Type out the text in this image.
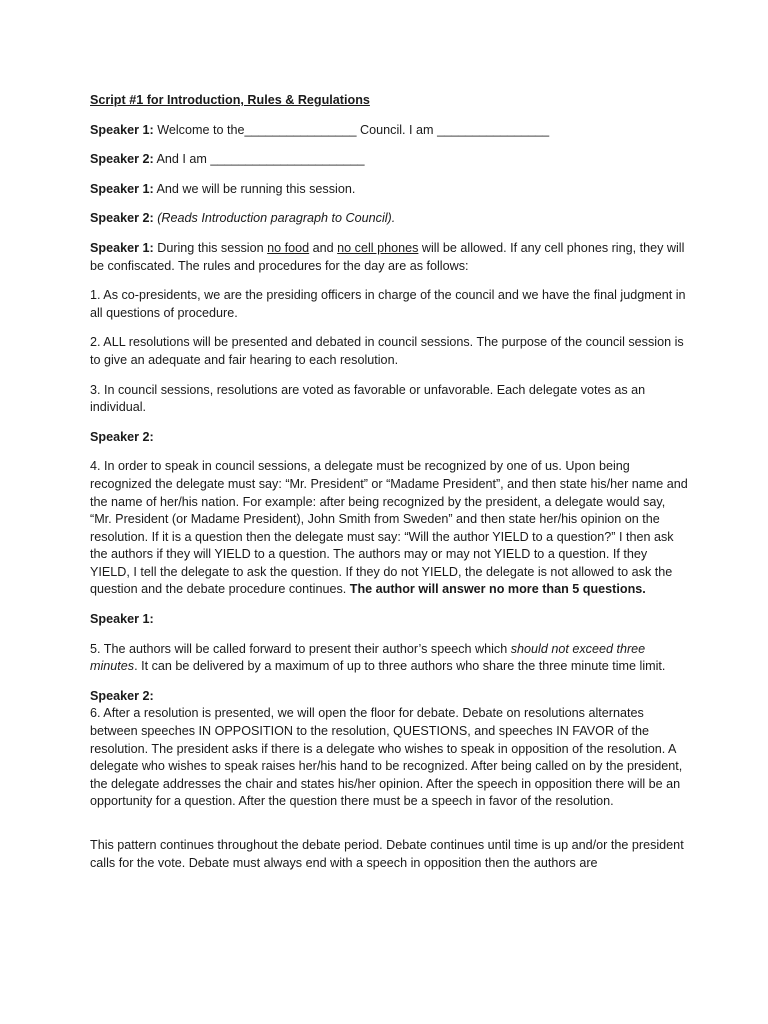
Script #1 for Introduction, Rules & Regulations

Speaker 1: Welcome to the________________ Council. I am ________________

Speaker 2: And I am ______________________

Speaker 1: And we will be running this session.

Speaker 2: (Reads Introduction paragraph to Council).

Speaker 1: During this session no food and no cell phones will be allowed. If any cell phones ring, they will be confiscated. The rules and procedures for the day are as follows:

1. As co-presidents, we are the presiding officers in charge of the council and we have the final judgment in all questions of procedure.

2. ALL resolutions will be presented and debated in council sessions. The purpose of the council session is to give an adequate and fair hearing to each resolution.

3. In council sessions, resolutions are voted as favorable or unfavorable. Each delegate votes as an individual.

Speaker 2:

4. In order to speak in council sessions, a delegate must be recognized by one of us. Upon being recognized the delegate must say: “Mr. President” or “Madame President”, and then state his/her name and the name of her/his nation. For example: after being recognized by the president, a delegate would say, “Mr. President (or Madame President), John Smith from Sweden” and then state her/his opinion on the resolution. If it is a question then the delegate must say: “Will the author YIELD to a question?” I then ask the authors if they will YIELD to a question. The authors may or may not YIELD to a question. If they YIELD, I tell the delegate to ask the question. If they do not YIELD, the delegate is not allowed to ask the question and the debate procedure continues. The author will answer no more than 5 questions.

Speaker 1:

5. The authors will be called forward to present their author’s speech which should not exceed three minutes. It can be delivered by a maximum of up to three authors who share the three minute time limit.

Speaker 2:

6. After a resolution is presented, we will open the floor for debate. Debate on resolutions alternates between speeches IN OPPOSITION to the resolution, QUESTIONS, and speeches IN FAVOR of the resolution. The president asks if there is a delegate who wishes to speak in opposition of the resolution. A delegate who wishes to speak raises her/his hand to be recognized. After being called on by the president, the delegate addresses the chair and states his/her opinion. After the speech in opposition there will be an opportunity for a question. After the question there must be a speech in favor of the resolution.

This pattern continues throughout the debate period. Debate continues until time is up and/or the president calls for the vote. Debate must always end with a speech in opposition then the authors are
